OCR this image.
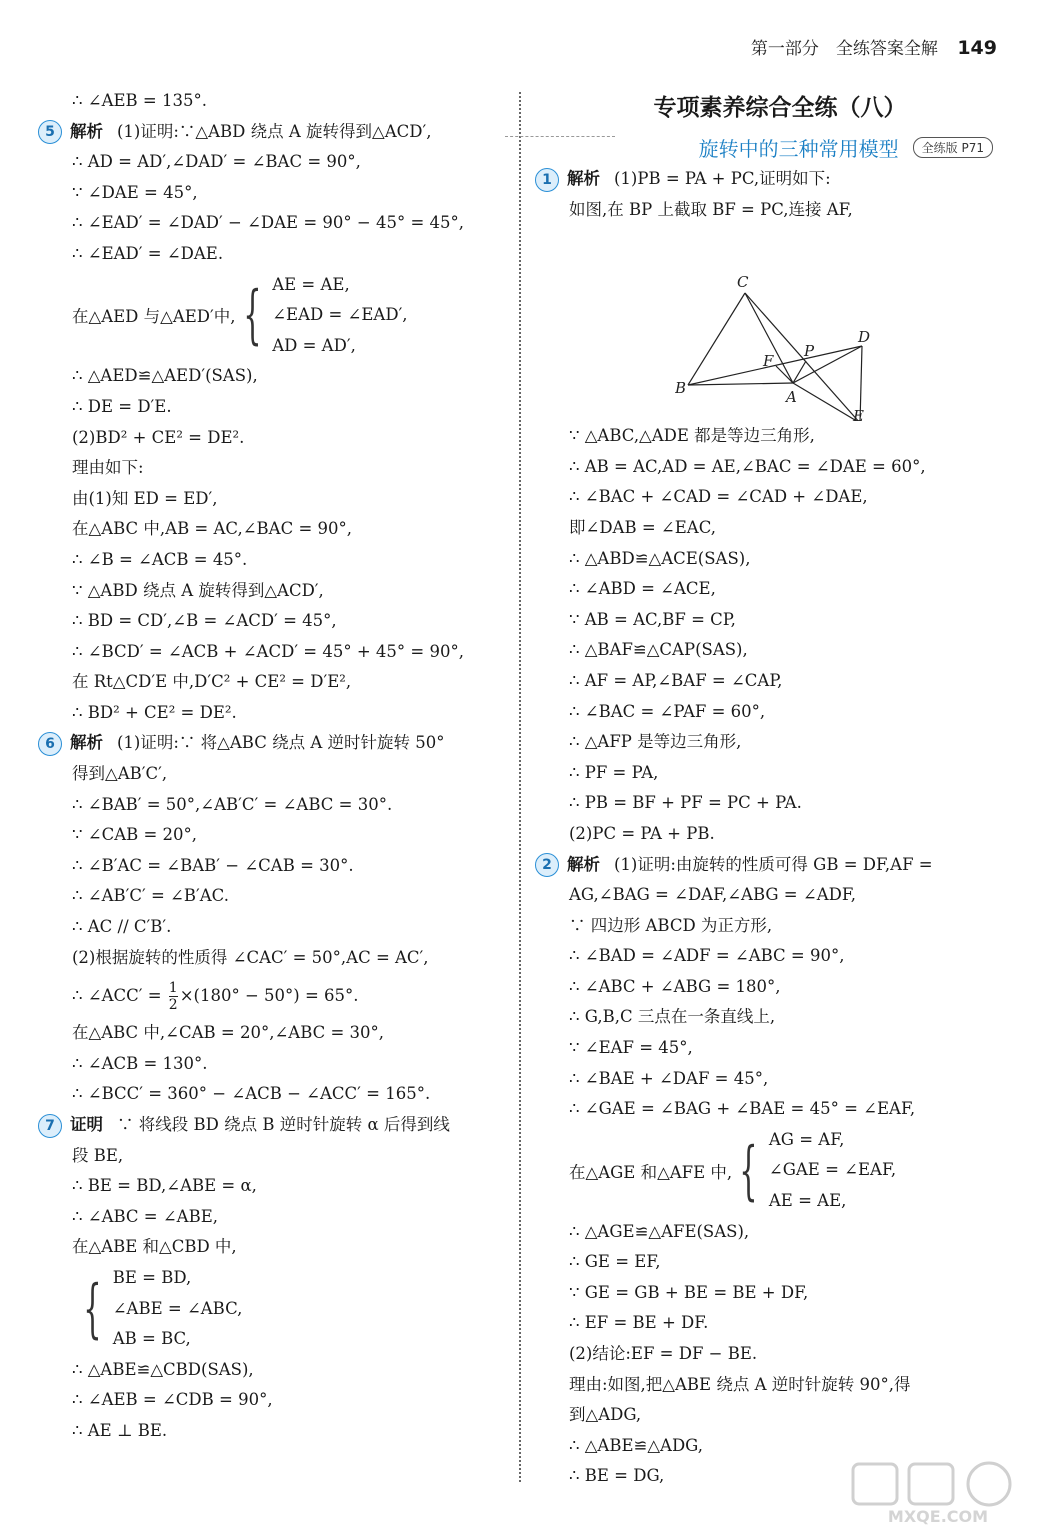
第一部分　全练答案全解 149
∴ ∠AEB = 135°.
5 解析 (1)证明:∵△ABD 绕点 A 旋转得到△ACD′,
∴ AD = AD′,∠DAD′ = ∠BAC = 90°,
∵ ∠DAE = 45°,
∴ ∠EAD′ = ∠DAD′ − ∠DAE = 90° − 45° = 45°,
∴ ∠EAD′ = ∠DAE.
在△AED 与△AED′中, { AE = AE,
∠EAD = ∠EAD′,
AD = AD′,
∴ △AED≌△AED′(SAS),
∴ DE = D′E.
(2)BD² + CE² = DE².
理由如下:
由(1)知 ED = ED′,
在△ABC 中,AB = AC,∠BAC = 90°,
∴ ∠B = ∠ACB = 45°.
∵ △ABD 绕点 A 旋转得到△ACD′,
∴ BD = CD′,∠B = ∠ACD′ = 45°,
∴ ∠BCD′ = ∠ACB + ∠ACD′ = 45° + 45° = 90°,
在 Rt△CD′E 中,D′C² + CE² = D′E²,
∴ BD² + CE² = DE².
6 解析 (1)证明:∵ 将△ABC 绕点 A 逆时针旋转 50°
得到△AB′C′,
∴ ∠BAB′ = 50°,∠AB′C′ = ∠ABC = 30°.
∵ ∠CAB = 20°,
∴ ∠B′AC = ∠BAB′ − ∠CAB = 30°.
∴ ∠AB′C′ = ∠B′AC.
∴ AC // C′B′.
(2)根据旋转的性质得 ∠CAC′ = 50°,AC = AC′,
∴ ∠ACC′ = $\frac{1}{2} \times(180^\circ - 50^\circ) = 65^\circ$.
在△ABC 中,∠CAB = 20°,∠ABC = 30°,
∴ ∠ACB = 130°.
∴ ∠BCC′ = 360° − ∠ACB − ∠ACC′ = 165°.
7 证明 ∵ 将线段 BD 绕点 B 逆时针旋转 α 后得到线
段 BE,
∴ BE = BD,∠ABE = α,
∴ ∠ABC = ∠ABE,
在△ABE 和△CBD 中,
{ BE = BD,
∠ABE = ∠ABC,
AB = BC,
∴ △ABE≌△CBD(SAS),
∴ ∠AEB = ∠CDB = 90°,
∴ AE ⊥ BE.
专项素养综合全练（八）
旋转中的三种常用模型	全练版 P71
1 解析 (1)PB = PA + PC,证明如下:
如图,在 BP 上截取 BF = PC,连接 AF,
C
D
P
F
B	A
E
∵ △ABC,△ADE 都是等边三角形,
∴ AB = AC,AD = AE,∠BAC = ∠DAE = 60°,
∴ ∠BAC + ∠CAD = ∠CAD + ∠DAE,
即∠DAB = ∠EAC,
∴ △ABD≌△ACE(SAS),
∴ ∠ABD = ∠ACE,
∵ AB = AC,BF = CP,
∴ △BAF≌△CAP(SAS),
∴ AF = AP,∠BAF = ∠CAP,
∴ ∠BAC = ∠PAF = 60°,
∴ △AFP 是等边三角形,
∴ PF = PA,
∴ PB = BF + PF = PC + PA.
(2)PC = PA + PB.
2 解析 (1)证明:由旋转的性质可得 GB = DF,AF =
AG,∠BAG = ∠DAF,∠ABG = ∠ADF,
∵ 四边形 ABCD 为正方形,
∴ ∠BAD = ∠ADF = ∠ABC = 90°,
∴ ∠ABC + ∠ABG = 180°,
∴ G,B,C 三点在一条直线上,
∵ ∠EAF = 45°,
∴ ∠BAE + ∠DAF = 45°,
∴ ∠GAE = ∠BAG + ∠BAE = 45° = ∠EAF,
在△AGE 和△AFE 中, { AG = AF,
∠GAE = ∠EAF,
AE = AE,
∴ △AGE≌△AFE(SAS),
∴ GE = EF,
∵ GE = GB + BE = BE + DF,
∴ EF = BE + DF.
(2)结论:EF = DF − BE.
理由:如图,把△ABE 绕点 A 逆时针旋转 90°,得
到△ADG,
∴ △ABE≌△ADG,
∴ BE = DG,
MXQE.COM
